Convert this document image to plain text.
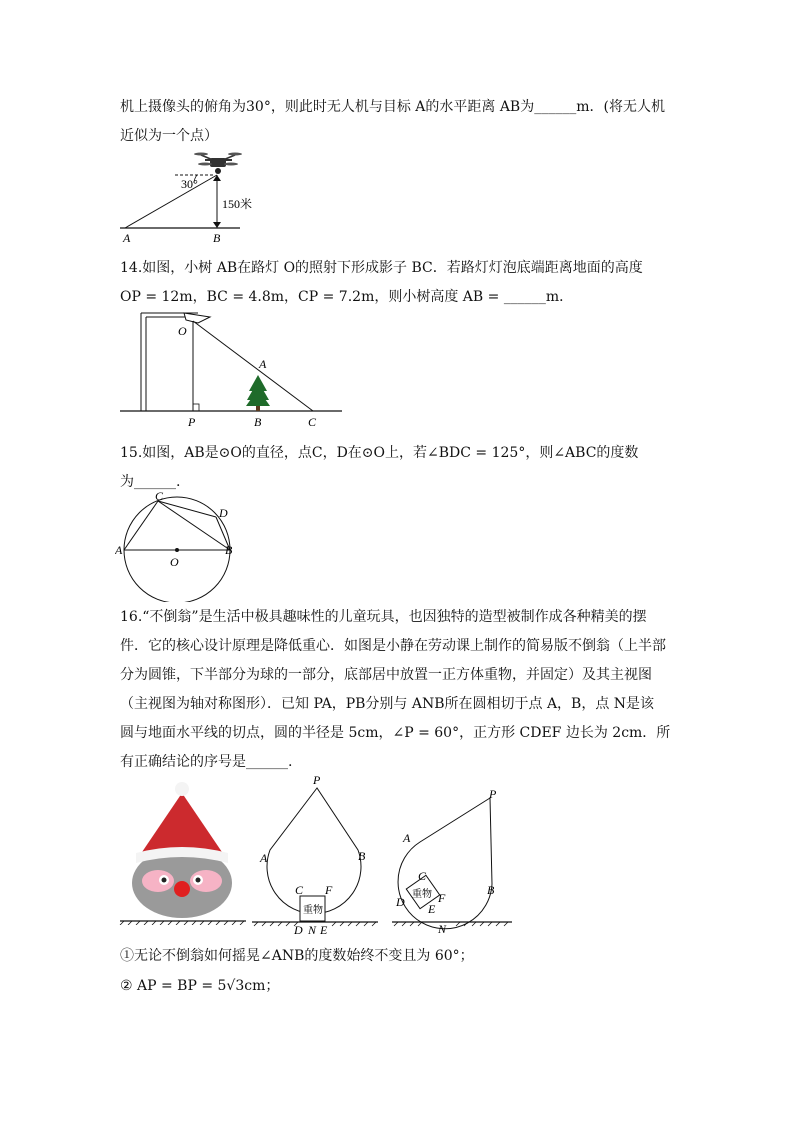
机上摄像头的俯角为30°，则此时无人机与目标 A的水平距离 AB为______m．(将无人机
近似为一个点）
30°
150米
A	B
14.如图，小树 AB在路灯 O的照射下形成影子 BC．若路灯灯泡底端距离地面的高度
OP = 12m，BC = 4.8m，CP = 7.2m，则小树高度 AB = ______m．
O
A
P	B	C
15.如图，AB是⊙O的直径，点C，D在⊙O上，若∠BDC = 125°，则∠ABC的度数
为______.
C
D
A	B
O
16.“不倒翁”是生活中极具趣味性的儿童玩具，也因独特的造型被制作成各种精美的摆
件．它的核心设计原理是降低重心．如图是小静在劳动课上制作的简易版不倒翁（上半部
分为圆锥，下半部分为球的一部分，底部居中放置一正方体重物，并固定）及其主视图
（主视图为轴对称图形）．已知 PA，PB分别与 ANB所在圆相切于点 A，B，点 N是该
圆与地面水平线的切点，圆的半径是 5cm，∠P = 60°，正方形 CDEF 边长为 2cm．所
有正确结论的序号是______.
重物
P
A	B
C F
D N E
重物
P
A
B
C
F
D E
N
①无论不倒翁如何摇晃∠ANB的度数始终不变且为 60°；
② AP = BP = 5√3cm；
